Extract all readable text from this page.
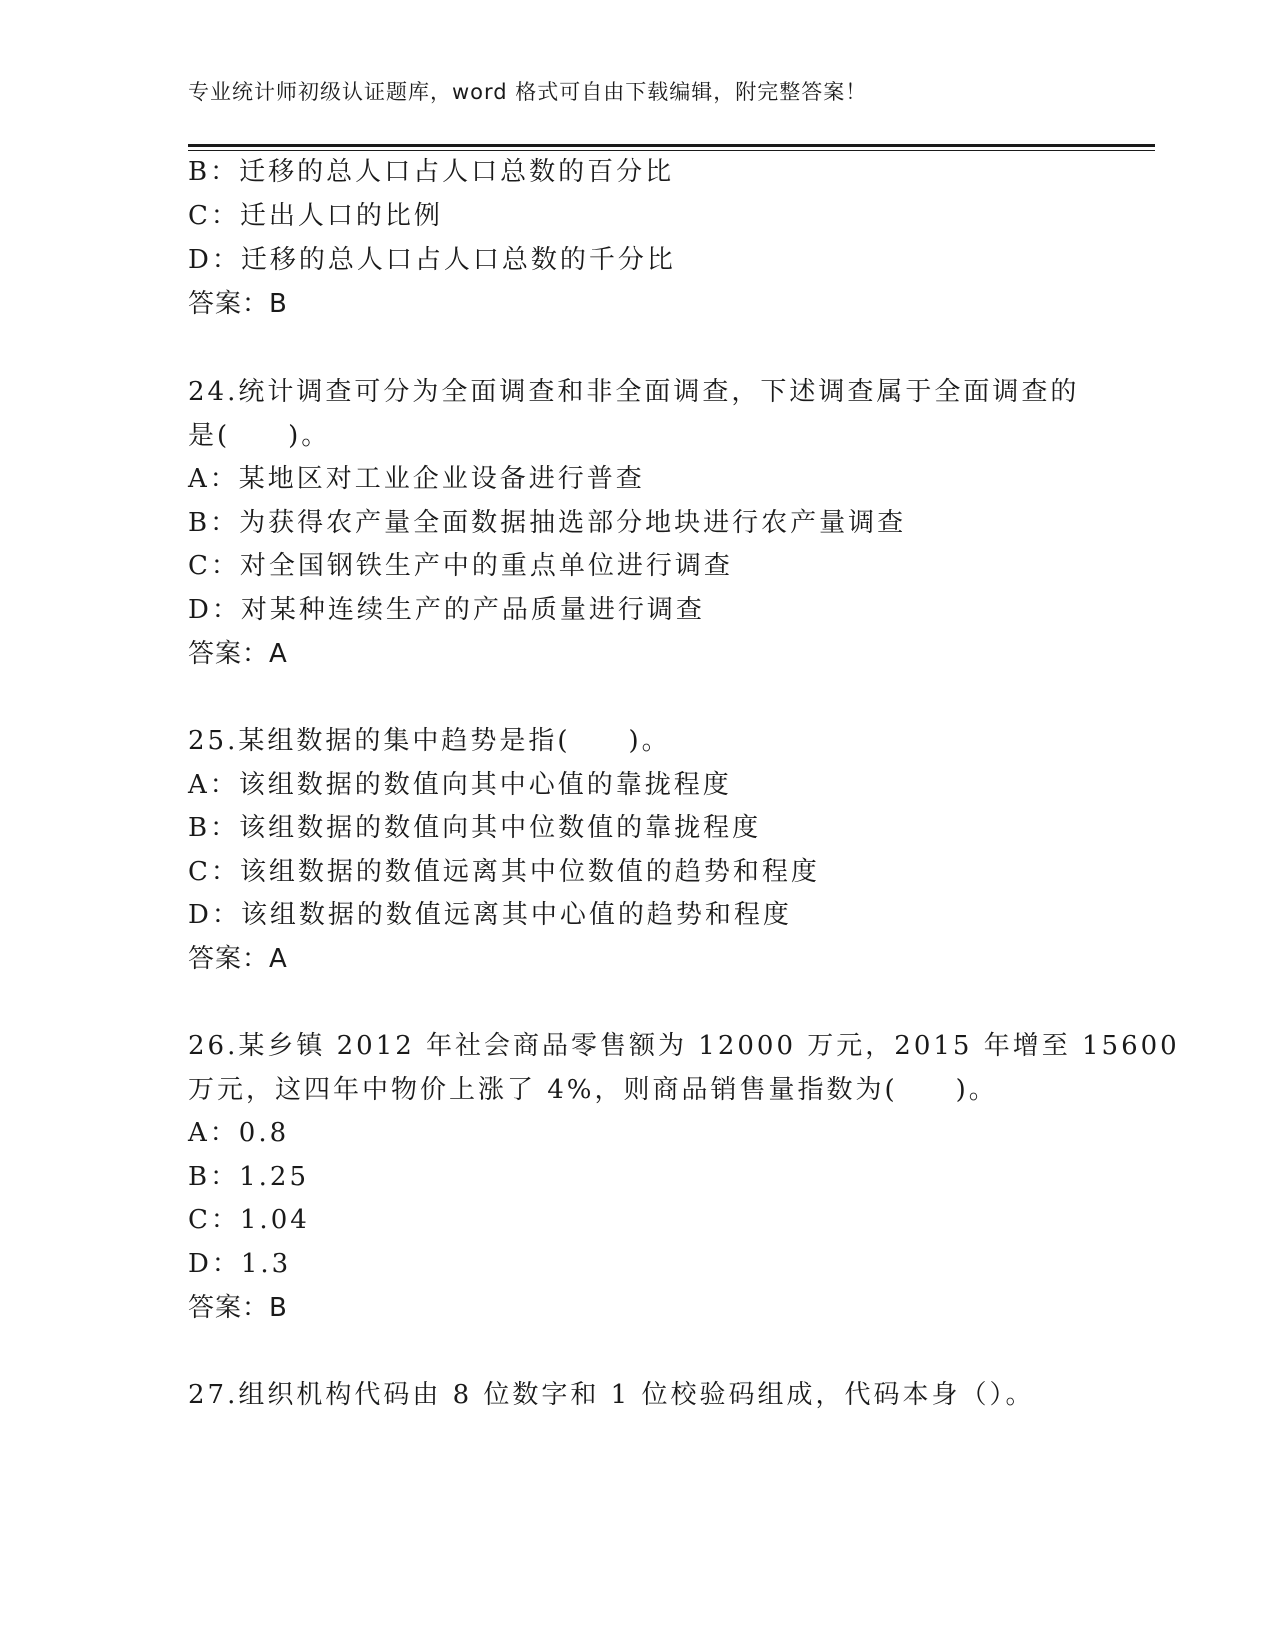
专业统计师初级认证题库，word 格式可自由下载编辑，附完整答案！
B：迁移的总人口占人口总数的百分比
C：迁出人口的比例
D：迁移的总人口占人口总数的千分比
答案：B
24.统计调查可分为全面调查和非全面调查，下述调查属于全面调查的
是(　　)。
A：某地区对工业企业设备进行普查
B：为获得农产量全面数据抽选部分地块进行农产量调查
C：对全国钢铁生产中的重点单位进行调查
D：对某种连续生产的产品质量进行调查
答案：A
25.某组数据的集中趋势是指(　　)。
A：该组数据的数值向其中心值的靠拢程度
B：该组数据的数值向其中位数值的靠拢程度
C：该组数据的数值远离其中位数值的趋势和程度
D：该组数据的数值远离其中心值的趋势和程度
答案：A
26.某乡镇 2012 年社会商品零售额为 12000 万元，2015 年增至 15600
万元，这四年中物价上涨了 4%，则商品销售量指数为(　　)。
A：0.8
B：1.25
C：1.04
D：1.3
答案：B
27.组织机构代码由 8 位数字和 1 位校验码组成，代码本身（）。
